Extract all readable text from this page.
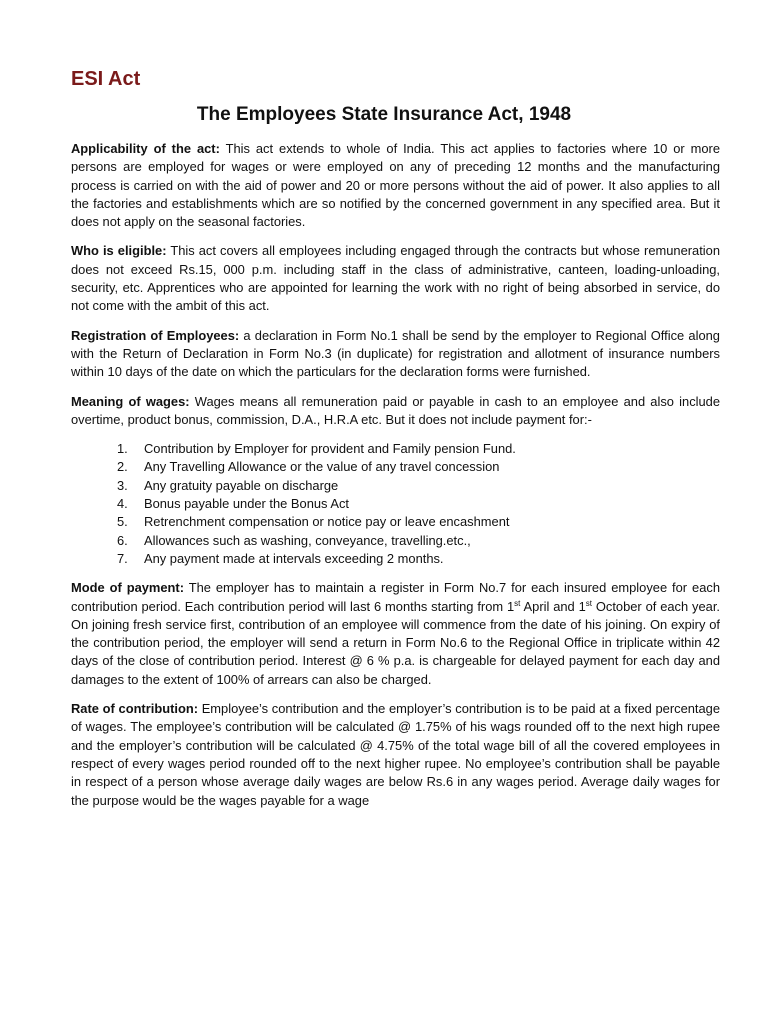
ESI Act
The Employees State Insurance Act, 1948

Applicability of the act: This act extends to whole of India. This act applies to factories where 10 or more persons are employed for wages or were employed on any of preceding 12 months and the manufacturing process is carried on with the aid of power and 20 or more persons without the aid of power. It also applies to all the factories and establishments which are so notified by the concerned government in any specified area. But it does not apply on the seasonal factories.

Who is eligible: This act covers all employees including engaged through the contracts but whose remuneration does not exceed Rs.15, 000 p.m. including staff in the class of administrative, canteen, loading-unloading, security, etc. Apprentices who are appointed for learning the work with no right of being absorbed in service, do not come with the ambit of this act.

Registration of Employees: a declaration in Form No.1 shall be send by the employer to Regional Office along with the Return of Declaration in Form No.3 (in duplicate) for registration and allotment of insurance numbers within 10 days of the date on which the particulars for the declaration forms were furnished.

Meaning of wages: Wages means all remuneration paid or payable in cash to an employee and also include overtime, product bonus, commission, D.A., H.R.A etc. But it does not include payment for:-

1.	Contribution by Employer for provident and Family pension Fund.
2.	Any Travelling Allowance or the value of any travel concession
3.	Any gratuity payable on discharge
4.	Bonus payable under the Bonus Act
5.	Retrenchment compensation or notice pay or leave encashment
6.	Allowances such as washing, conveyance, travelling.etc.,
7.	Any payment made at intervals exceeding 2 months.

Mode of payment: The employer has to maintain a register in Form No.7 for each insured employee for each contribution period. Each contribution period will last 6 months starting from 1st April and 1st October of each year. On joining fresh service first, contribution of an employee will commence from the date of his joining. On expiry of the contribution period, the employer will send a return in Form No.6 to the Regional Office in triplicate within 42 days of the close of contribution period. Interest @ 6 % p.a. is chargeable for delayed payment for each day and damages to the extent of 100% of arrears can also be charged.

Rate of contribution: Employee’s contribution and the employer’s contribution is to be paid at a fixed percentage of wages. The employee’s contribution will be calculated @ 1.75% of his wags rounded off to the next high rupee and the employer’s contribution will be calculated @ 4.75% of the total wage bill of all the covered employees in respect of every wages period rounded off to the next higher rupee. No employee’s contribution shall be payable in respect of a person whose average daily wages are below Rs.6 in any wages period. Average daily wages for the purpose would be the wages payable for a wage
